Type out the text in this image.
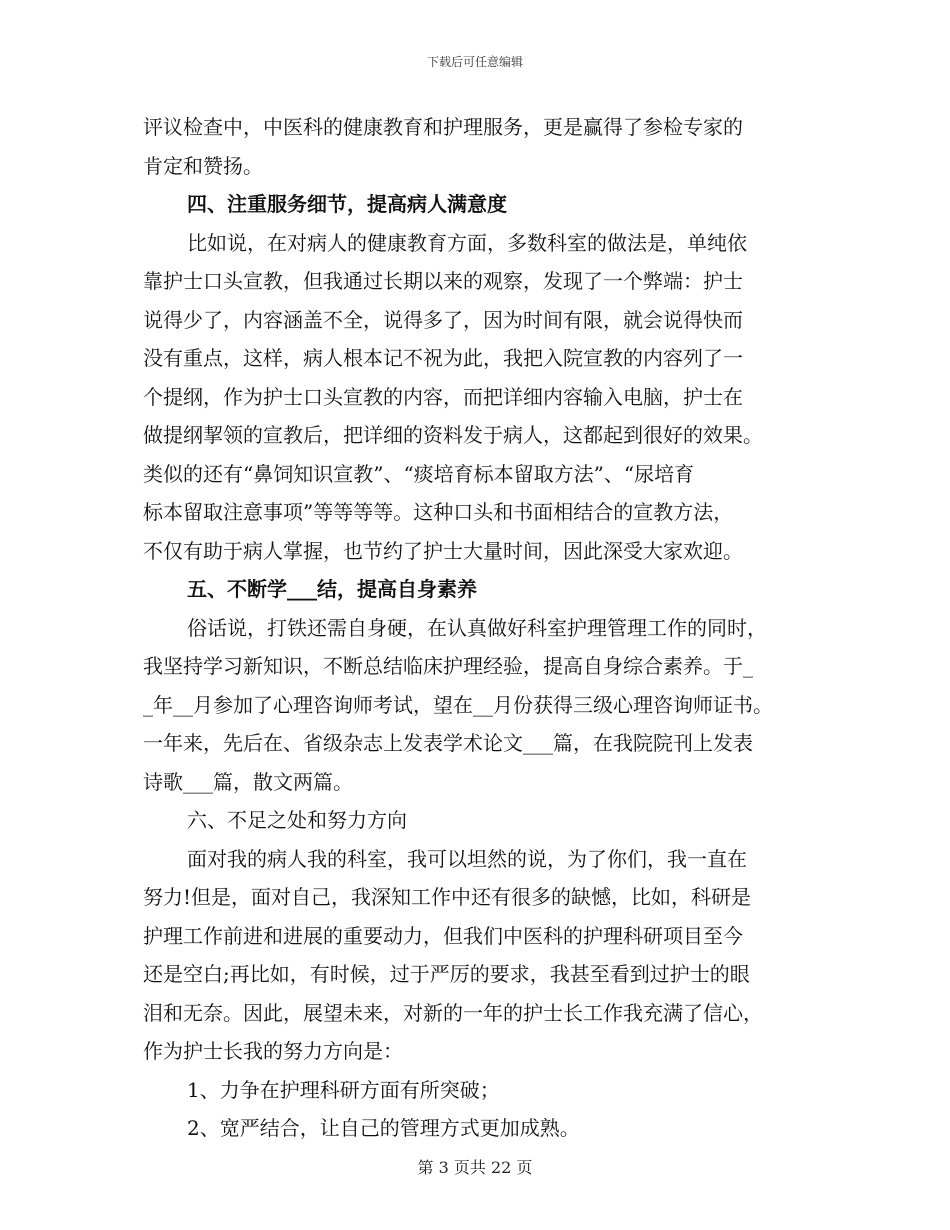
下载后可任意编辑
评议检查中，中医科的健康教育和护理服务，更是赢得了参检专家的
肯定和赞扬。
四、注重服务细节，提高病人满意度
比如说，在对病人的健康教育方面，多数科室的做法是，单纯依
靠护士口头宣教，但我通过长期以来的观察，发现了一个弊端：护士
说得少了，内容涵盖不全，说得多了，因为时间有限，就会说得快而
没有重点，这样，病人根本记不祝为此，我把入院宣教的内容列了一
个提纲，作为护士口头宣教的内容，而把详细内容输入电脑，护士在
做提纲挈领的宣教后，把详细的资料发于病人，这都起到很好的效果。
类似的还有“鼻饲知识宣教”、“痰培育标本留取方法”、“尿培育
标本留取注意事项”等等等等。这种口头和书面相结合的宣教方法，
不仅有助于病人掌握，也节约了护士大量时间，因此深受大家欢迎。
五、不断学___结，提高自身素养
俗话说，打铁还需自身硬，在认真做好科室护理管理工作的同时，
我坚持学习新知识，不断总结临床护理经验，提高自身综合素养。于_
_年__月参加了心理咨询师考试，望在__月份获得三级心理咨询师证书。
一年来，先后在、省级杂志上发表学术论文___篇，在我院院刊上发表
诗歌___篇，散文两篇。
六、不足之处和努力方向
面对我的病人我的科室，我可以坦然的说，为了你们，我一直在
努力!但是，面对自己，我深知工作中还有很多的缺憾，比如，科研是
护理工作前进和进展的重要动力，但我们中医科的护理科研项目至今
还是空白;再比如，有时候，过于严厉的要求，我甚至看到过护士的眼
泪和无奈。因此，展望未来，对新的一年的护士长工作我充满了信心，
作为护士长我的努力方向是：
1、力争在护理科研方面有所突破；
2、宽严结合，让自己的管理方式更加成熟。
第 3 页共 22 页
